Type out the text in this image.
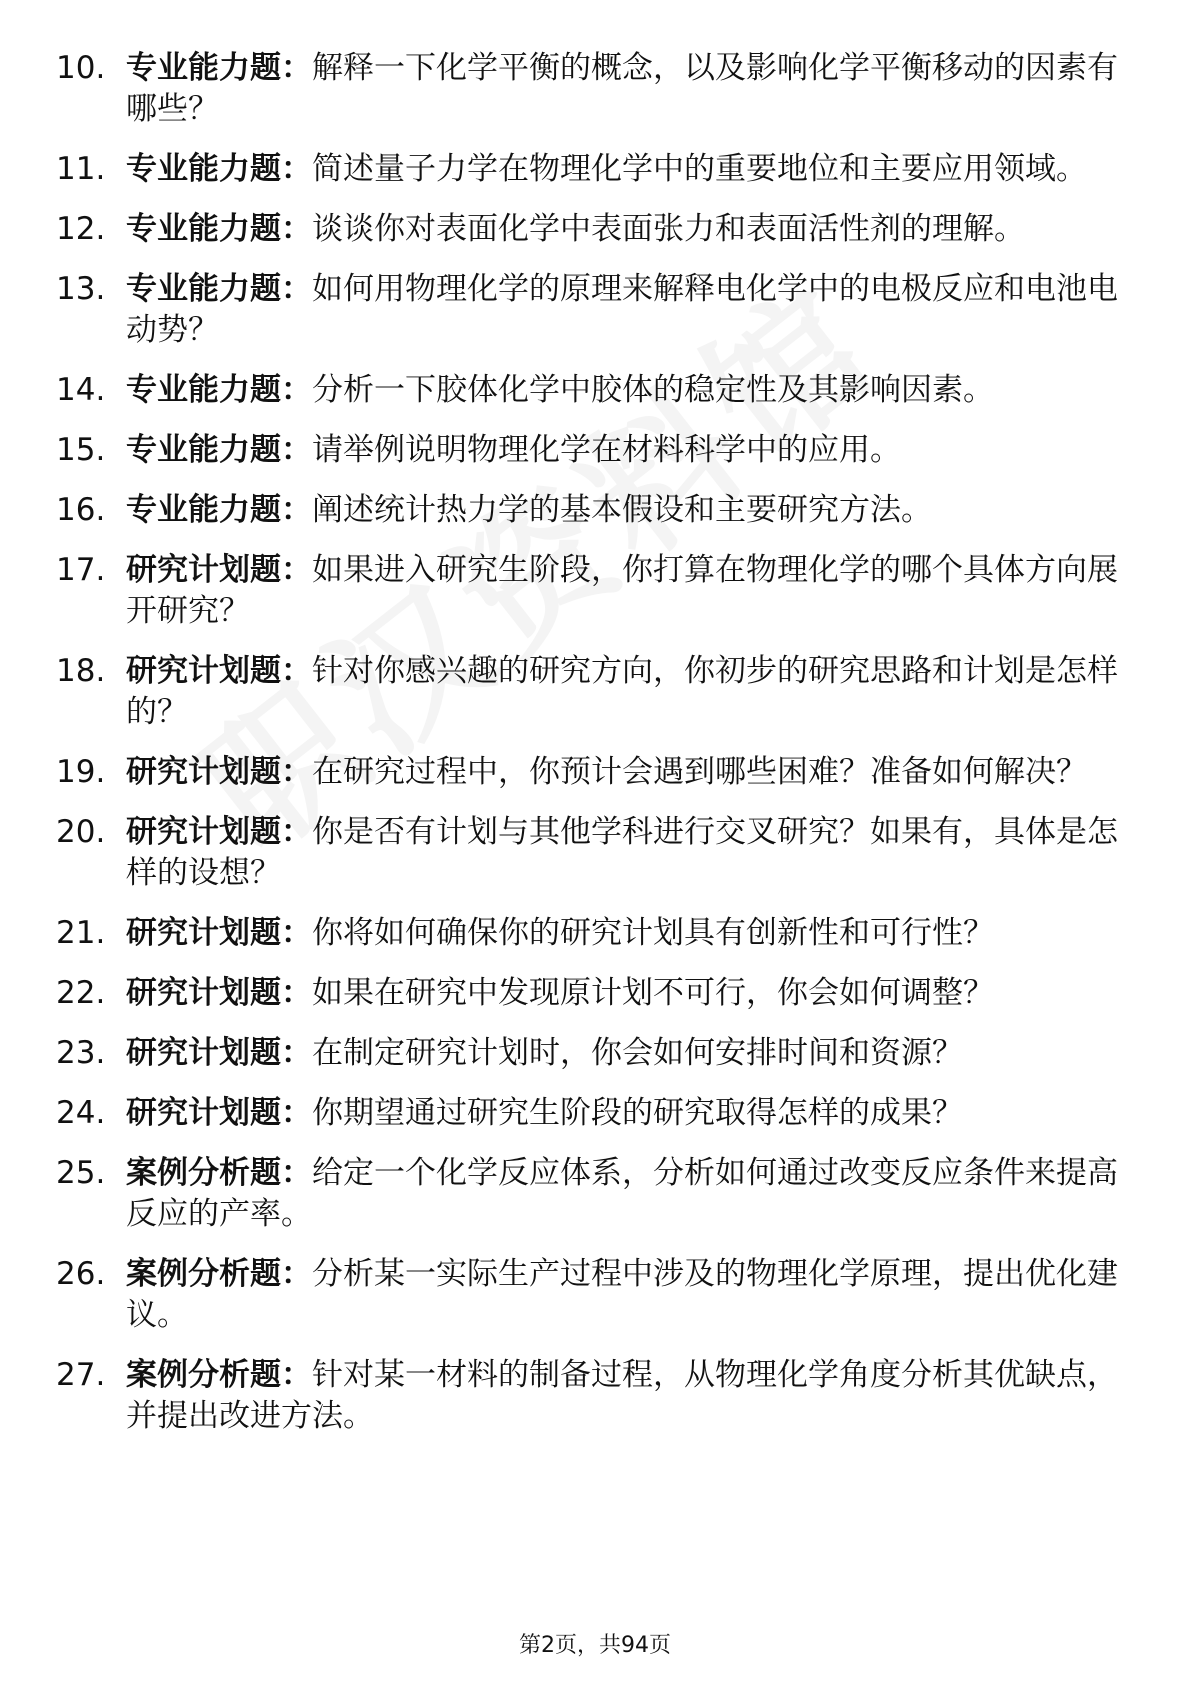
10. 专业能力题：解释一下化学平衡的概念，以及影响化学平衡移动的因素有哪些？
11. 专业能力题：简述量子力学在物理化学中的重要地位和主要应用领域。
12. 专业能力题：谈谈你对表面化学中表面张力和表面活性剂的理解。
13. 专业能力题：如何用物理化学的原理来解释电化学中的电极反应和电池电动势？
14. 专业能力题：分析一下胶体化学中胶体的稳定性及其影响因素。
15. 专业能力题：请举例说明物理化学在材料科学中的应用。
16. 专业能力题：阐述统计热力学的基本假设和主要研究方法。
17. 研究计划题：如果进入研究生阶段，你打算在物理化学的哪个具体方向展开研究？
18. 研究计划题：针对你感兴趣的研究方向，你初步的研究思路和计划是怎样的？
19. 研究计划题：在研究过程中，你预计会遇到哪些困难？准备如何解决？
20. 研究计划题：你是否有计划与其他学科进行交叉研究？如果有，具体是怎样的设想？
21. 研究计划题：你将如何确保你的研究计划具有创新性和可行性？
22. 研究计划题：如果在研究中发现原计划不可行，你会如何调整？
23. 研究计划题：在制定研究计划时，你会如何安排时间和资源？
24. 研究计划题：你期望通过研究生阶段的研究取得怎样的成果？
25. 案例分析题：给定一个化学反应体系，分析如何通过改变反应条件来提高反应的产率。
26. 案例分析题：分析某一实际生产过程中涉及的物理化学原理，提出优化建议。
27. 案例分析题：针对某一材料的制备过程，从物理化学角度分析其优缺点，并提出改进方法。
第2页，共94页
